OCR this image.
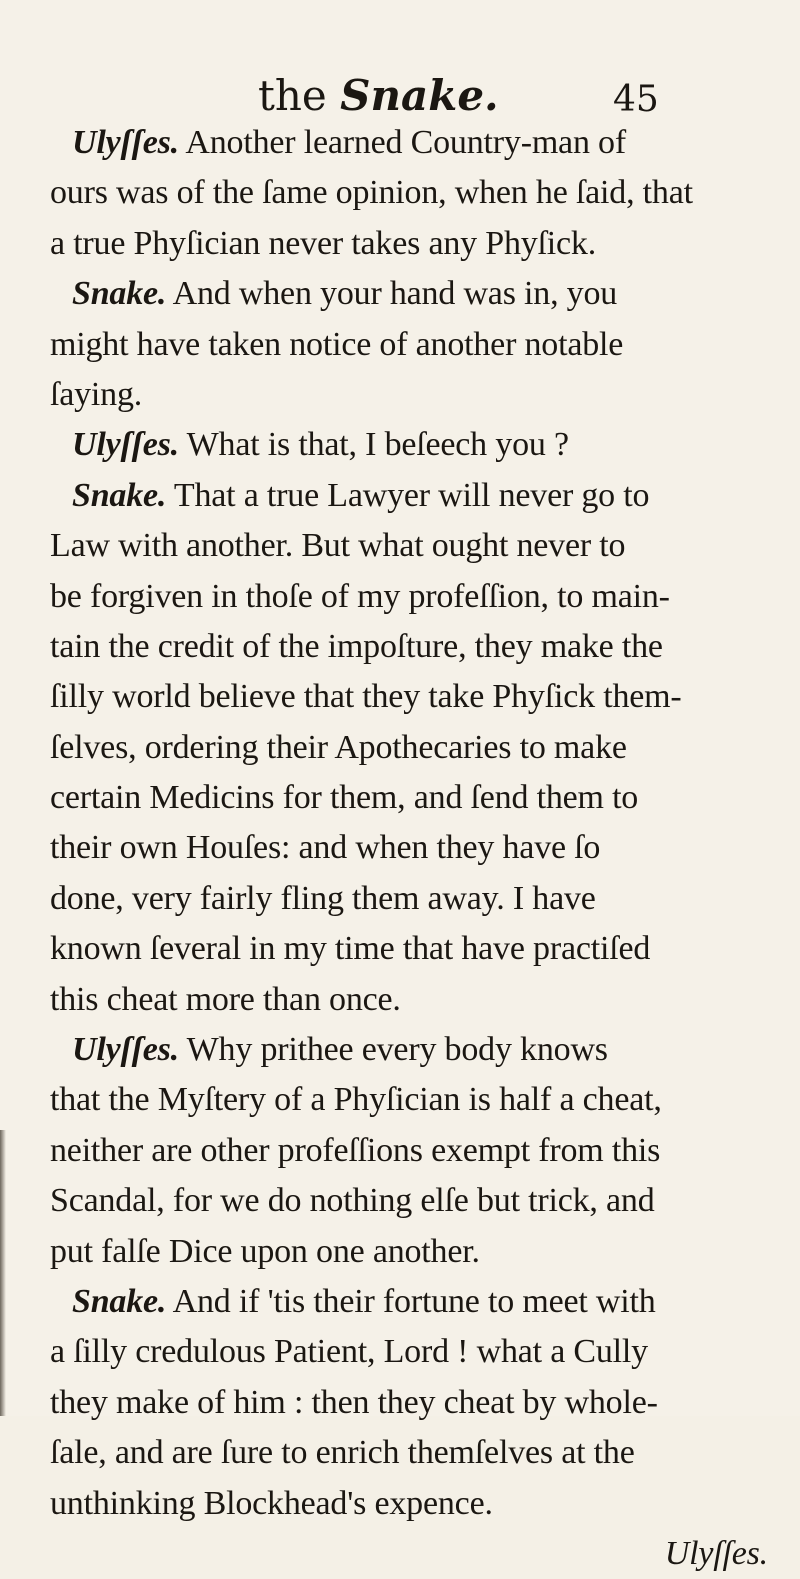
the Snake.	45
Ulyſſes. Another learned Country-man of
ours was of the ſame opinion, when he ſaid, that
a true Phyſician never takes any Phyſick.
Snake. And when your hand was in, you
might have taken notice of another notable
ſaying.
Ulyſſes. What is that, I beſeech you ?
Snake. That a true Lawyer will never go to
Law with another. But what ought never to
be forgiven in thoſe of my profeſſion, to main-
tain the credit of the impoſture, they make the
ſilly world believe that they take Phyſick them-
ſelves, ordering their Apothecaries to make
certain Medicins for them, and ſend them to
their own Houſes: and when they have ſo
done, very fairly fling them away. I have
known ſeveral in my time that have practiſed
this cheat more than once.
Ulyſſes. Why prithee every body knows
that the Myſtery of a Phyſician is half a cheat,
neither are other profeſſions exempt from this
Scandal, for we do nothing elſe but trick, and
put falſe Dice upon one another.
Snake. And if 'tis their fortune to meet with
a ſilly credulous Patient, Lord ! what a Cully
they make of him : then they cheat by whole-
ſale, and are ſure to enrich themſelves at the
unthinking Blockhead's expence.
Ulyſſes.
